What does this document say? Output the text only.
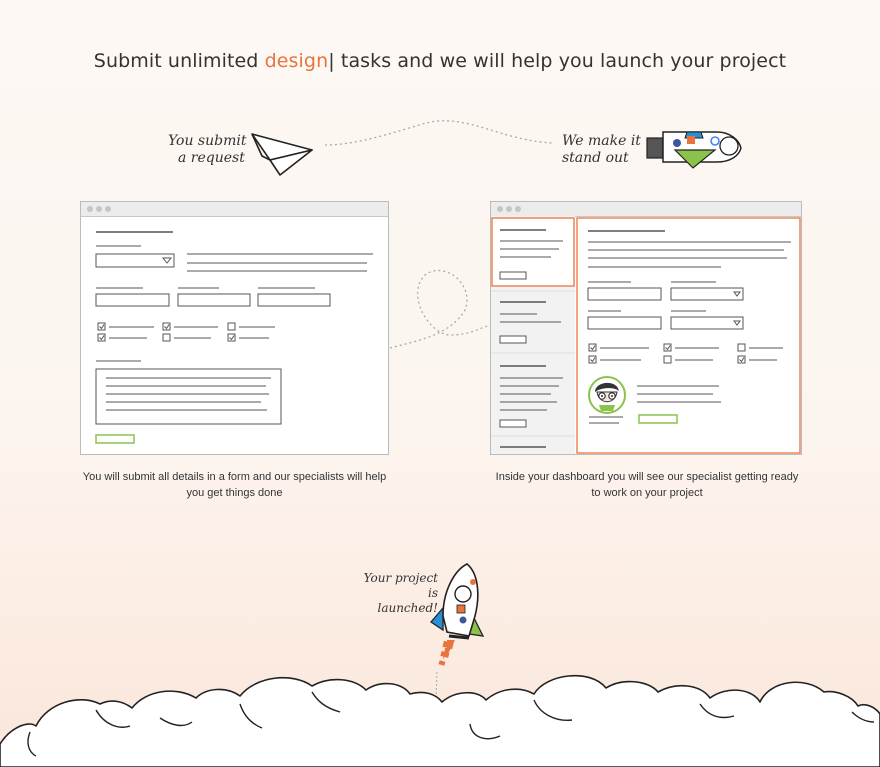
Submit unlimited design| tasks and we will help you launch your project
You submit
a request
We make it
stand out
Your project is
launched!
You will submit all details in a form and our specialists will help you get things done
Inside your dashboard you will see our specialist getting ready to work on your project
